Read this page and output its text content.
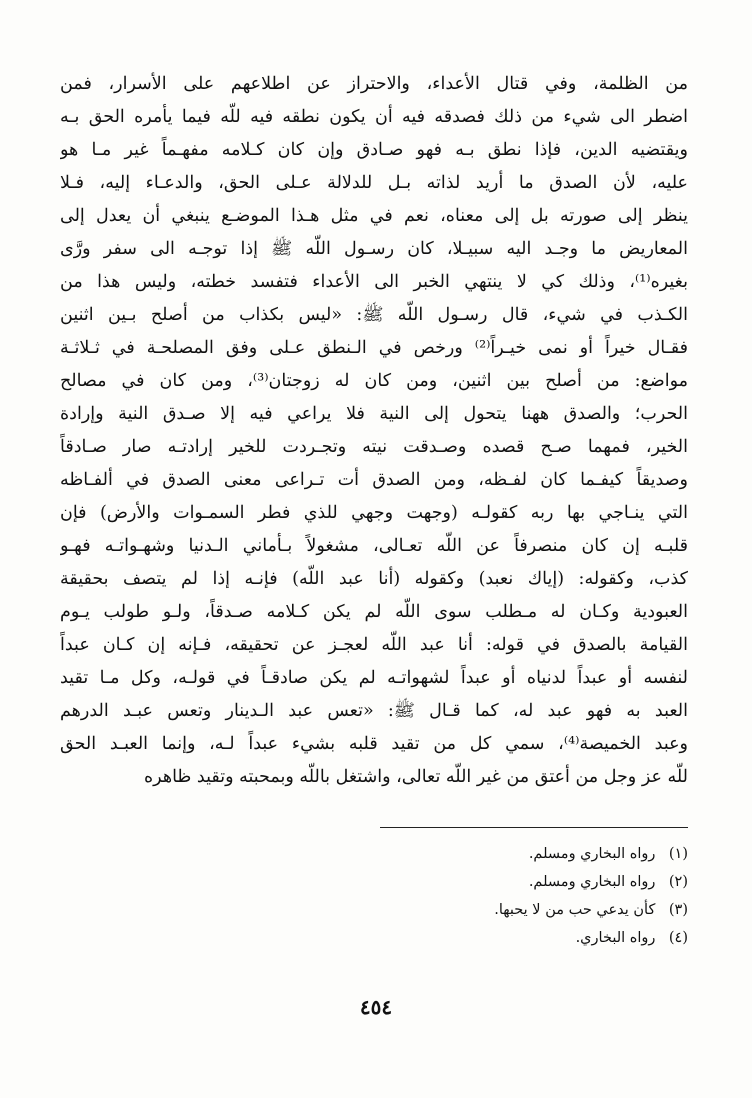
من الظلمة، وفي قتال الأعداء، والاحتراز عن اطلاعهم على الأسرار، فمن
اضطر الى شيء من ذلك فصدقه فيه أن يكون نطقه فيه للّه فيما يأمره الحق بـه
ويقتضيه الدين، فإذا نطق بـه فهو صـادق وإن كان كـلامه مفهـماً غير مـا هو
عليه، لأن الصدق ما أريد لذاته بـل للدلالة عـلى الحق، والدعـاء إليه، فـلا
ينظر إلى صورته بل إلى معناه، نعم في مثل هـذا الموضـع ينبغي أن يعدل إلى
المعاريض ما وجـد اليه سبيـلا، كان رسـول اللّه ﷺ إذا توجـه الى سفر ورَّى
بغيره⁽¹⁾، وذلك كي لا ينتهي الخبر الى الأعداء فتفسد خطته، وليس هذا من
الكـذب في شيء، قال رسـول اللّه ﷺ: «ليس بكذاب من أصلح بـين اثنين
فقـال خيراً أو نمى خيـراً⁽²⁾ ورخص في الـنطق عـلى وفق المصلحـة في ثـلاثـة
مواضع: من أصلح بين اثنين، ومن كان له زوجتان⁽³⁾، ومن كان في مصالح
الحرب؛ والصدق ههنا يتحول إلى النية فلا يراعي فيه إلا صـدق النية وإرادة
الخير، فمهما صـح قصده وصـدقت نيته وتجـردت للخير إرادتـه صار صـادقاً
وصديقاً كيفـما كان لفـظه، ومن الصدق أت تـراعى معنى الصدق في ألفـاظه
التي ينـاجي بها ربه كقولـه (وجهت وجهي للذي فطر السمـوات والأرض) فإن
قلبـه إن كان منصرفاً عن اللّه تعـالى، مشغولاً بـأماني الـدنيا وشهـواتـه فهـو
كذب، وكقوله: (إياك نعبد) وكقوله (أنا عبد اللّه) فإنـه إذا لم يتصف بحقيقة
العبودية وكـان له مـطلب سوى اللّه لم يكن كـلامه صـدقاً، ولـو طولب يـوم
القيامة بالصدق في قوله: أنا عبد اللّه لعجـز عن تحقيقه، فـإنه إن كـان عبداً
لنفسه أو عبداً لدنياه أو عبداً لشهواتـه لم يكن صادقـاً في قولـه، وكل مـا تقيد
العبد به فهو عبد له، كما قـال ﷺ: «تعس عبد الـدينار وتعس عبـد الدرهم
وعبد الخميصة⁽⁴⁾، سمي كل من تقيد قلبه بشيء عبداً لـه، وإنما العبـد الحق
للّه عز وجل من أعتق من غير اللّه تعالى، واشتغل باللّه وبمحبته وتقيد ظاهره
(١) رواه البخاري ومسلم.
(٢) رواه البخاري ومسلم.
(٣) كأن يدعي حب من لا يحبها.
(٤) رواه البخاري.
٤٥٤
